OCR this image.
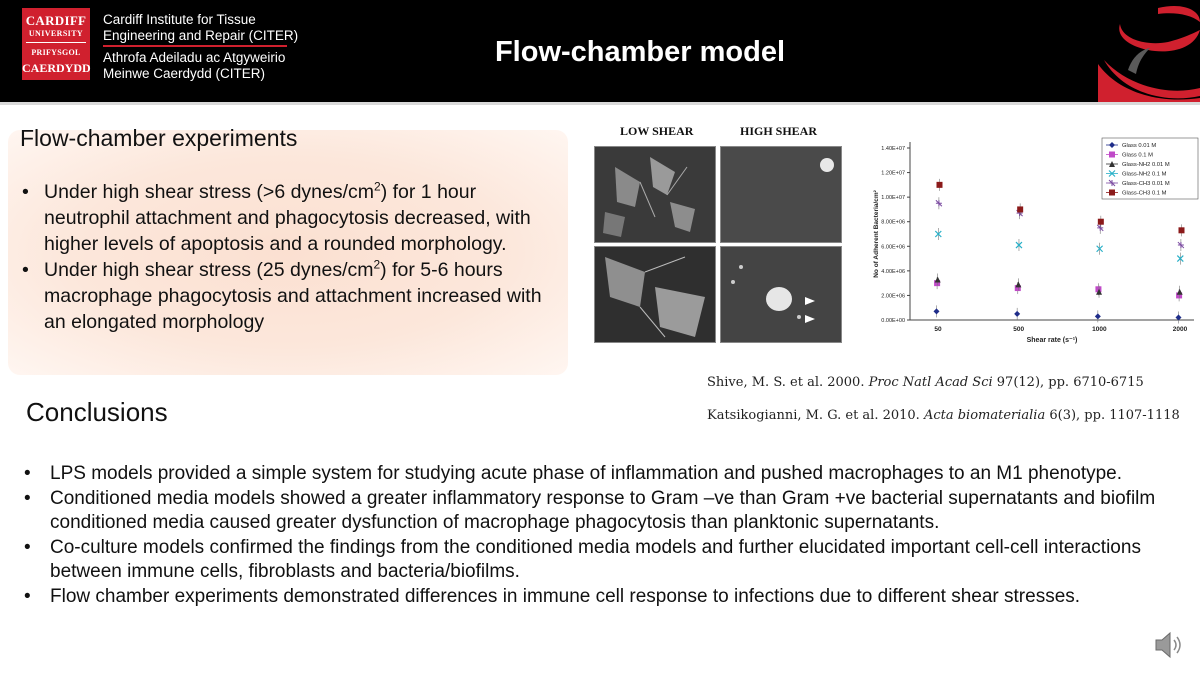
CARDIFF
UNIVERSITY
PRIFYSGOL
CAERDYDD
Cardiff Institute for Tissue
Engineering and Repair (CITER)
Athrofa Adeiladu ac Atgyweirio
Meinwe Caerdydd (CITER)
Flow-chamber model
Flow-chamber experiments
• Under high shear stress (>6 dynes/$cm^2$) for 1 hour neutrophil attachment and phagocytosis decreased, with higher levels of apoptosis and a rounded morphology.
• Under high shear stress (25 dynes/$cm^2$) for 5-6 hours macrophage phagocytosis and attachment increased with an elongated morphology
LOW SHEAR	HIGH SHEAR
0.00E+00
2.00E+06
4.00E+06
6.00E+06
8.00E+06
1.00E+07
1.20E+07
1.40E+07
50	500	1000	2000
Shear rate (s⁻¹)
No of Adherent Bacteria/cm²
Glass 0.01 M
Glass 0.1 M
Glass-NH2 0.01 M
Glass-NH2 0.1 M
Glass-CH3 0.01 M
Glass-CH3 0.1 M
Shive, M. S. et al. 2000. Proc Natl Acad Sci 97(12), pp. 6710-6715
Katsikogianni, M. G. et al. 2010. Acta biomaterialia 6(3), pp. 1107-1118
Conclusions
• LPS models provided a simple system for studying acute phase of inflammation and pushed macrophages to an M1 phenotype.
• Conditioned media models showed a greater inflammatory response to Gram –ve than Gram +ve bacterial supernatants and biofilm conditioned media caused greater dysfunction of macrophage phagocytosis than planktonic supernatants.
• Co-culture models confirmed the findings from the conditioned media models and further elucidated important cell-cell interactions between immune cells, fibroblasts and bacteria/biofilms.
• Flow chamber experiments demonstrated differences in immune cell response to infections due to different shear stresses.
